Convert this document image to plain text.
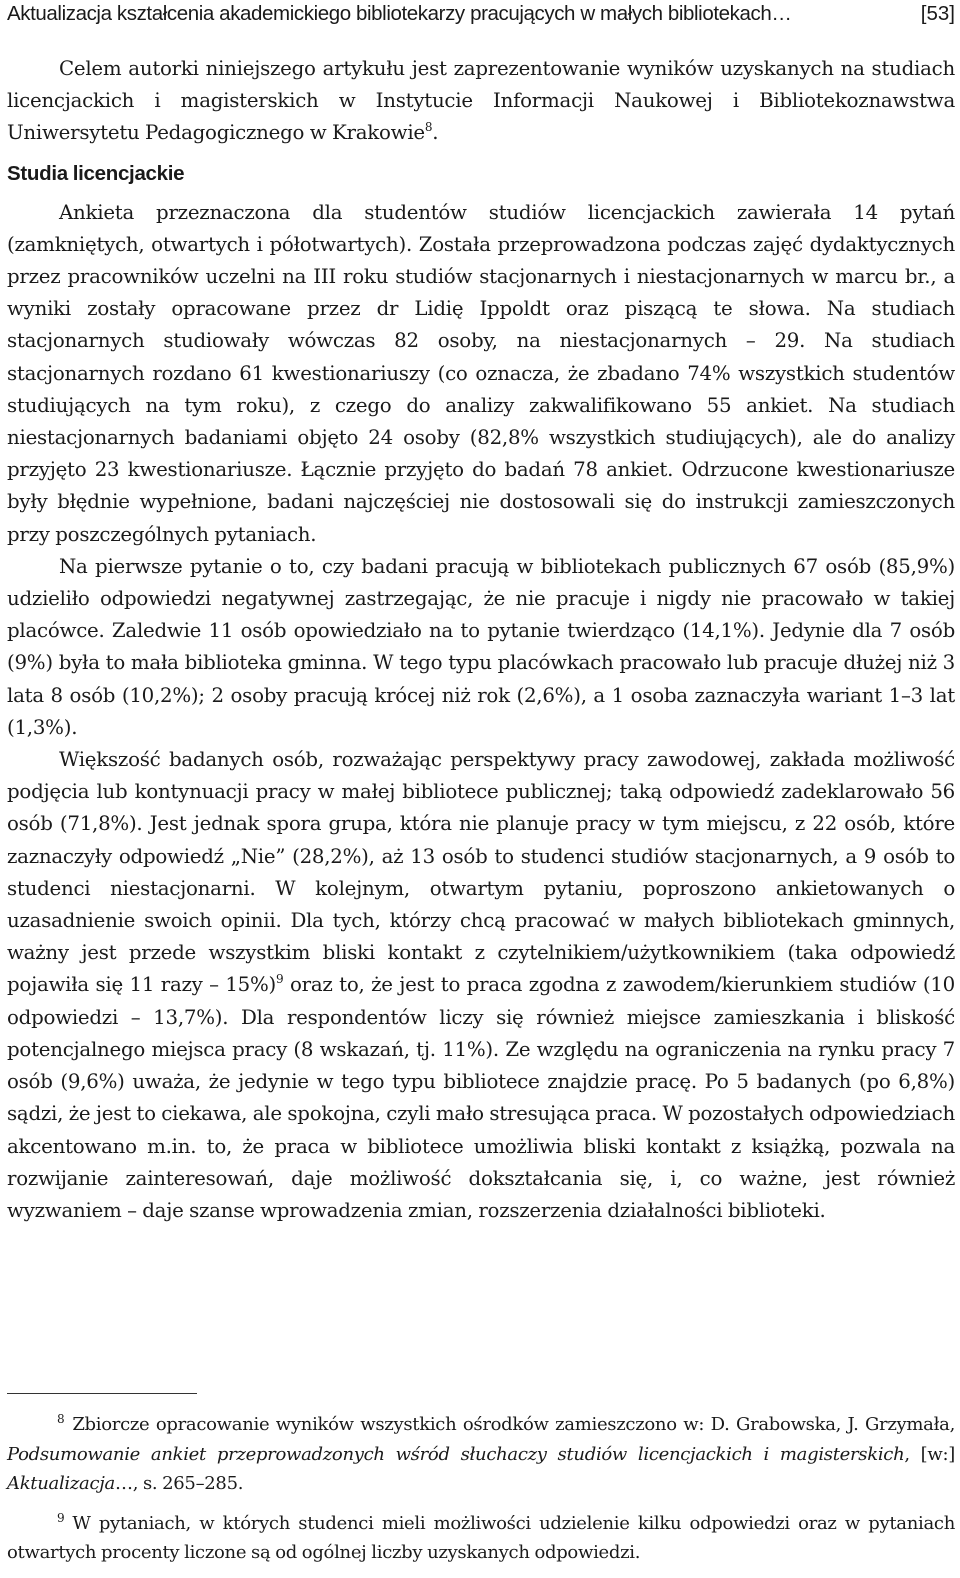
Aktualizacja kształcenia akademickiego bibliotekarzy pracujących w małych bibliotekach…	[53]

Celem autorki niniejszego artykułu jest zaprezentowanie wyników uzyskanych na studiach licencjackich i magisterskich w Instytucie Informacji Naukowej i Bibliotekoznawstwa Uniwersytetu Pedagogicznego w Krakowie$^8$.

Studia licencjackie

Ankieta przeznaczona dla studentów studiów licencjackich zawierała 14 pytań (zamkniętych, otwartych i półotwartych). Została przeprowadzona podczas zajęć dydaktycznych przez pracowników uczelni na III roku studiów stacjonarnych i niestacjonarnych w marcu br., a wyniki zostały opracowane przez dr Lidię Ippoldt oraz piszącą te słowa. Na studiach stacjonarnych studiowały wówczas 82 osoby, na niestacjonarnych – 29. Na studiach stacjonarnych rozdano 61 kwestionariuszy (co oznacza, że zbadano 74% wszystkich studentów studiujących na tym roku), z czego do analizy zakwalifikowano 55 ankiet. Na studiach niestacjonarnych badaniami objęto 24 osoby (82,8% wszystkich studiujących), ale do analizy przyjęto 23 kwestionariusze. Łącznie przyjęto do badań 78 ankiet. Odrzucone kwestionariusze były błędnie wypełnione, badani najczęściej nie dostosowali się do instrukcji zamieszczonych przy poszczególnych pytaniach.

Na pierwsze pytanie o to, czy badani pracują w bibliotekach publicznych 67 osób (85,9%) udzieliło odpowiedzi negatywnej zastrzegając, że nie pracuje i nigdy nie pracowało w takiej placówce. Zaledwie 11 osób opowiedziało na to pytanie twierdząco (14,1%). Jedynie dla 7 osób (9%) była to mała biblioteka gminna. W tego typu placówkach pracowało lub pracuje dłużej niż 3 lata 8 osób (10,2%); 2 osoby pracują krócej niż rok (2,6%), a 1 osoba zaznaczyła wariant 1–3 lat (1,3%).

Większość badanych osób, rozważając perspektywy pracy zawodowej, zakłada możliwość podjęcia lub kontynuacji pracy w małej bibliotece publicznej; taką odpowiedź zadeklarowało 56 osób (71,8%). Jest jednak spora grupa, która nie planuje pracy w tym miejscu, z 22 osób, które zaznaczyły odpowiedź „Nie” (28,2%), aż 13 osób to studenci studiów stacjonarnych, a 9 osób to studenci niestacjonarni. W kolejnym, otwartym pytaniu, poproszono ankietowanych o uzasadnienie swoich opinii. Dla tych, którzy chcą pracować w małych bibliotekach gminnych, ważny jest przede wszystkim bliski kontakt z czytelnikiem/użytkownikiem (taka odpowiedź pojawiła się 11 razy – 15%)$^9$ oraz to, że jest to praca zgodna z zawodem/kierunkiem studiów (10 odpowiedzi – 13,7%). Dla respondentów liczy się również miejsce zamieszkania i bliskość potencjalnego miejsca pracy (8 wskazań, tj. 11%). Ze względu na ograniczenia na rynku pracy 7 osób (9,6%) uważa, że jedynie w tego typu bibliotece znajdzie pracę. Po 5 badanych (po 6,8%) sądzi, że jest to ciekawa, ale spokojna, czyli mało stresująca praca. W pozostałych odpowiedziach akcentowano m.in. to, że praca w bibliotece umożliwia bliski kontakt z książką, pozwala na rozwijanie zainteresowań, daje możliwość dokształcania się, i, co ważne, jest również wyzwaniem – daje szanse wprowadzenia zmian, rozszerzenia działalności biblioteki.

$^8$ Zbiorcze opracowanie wyników wszystkich ośrodków zamieszczono w: D. Grabowska, J. Grzymała, Podsumowanie ankiet przeprowadzonych wśród słuchaczy studiów licencjackich i magisterskich, [w:] Aktualizacja…, s. 265–285.

$^9$ W pytaniach, w których studenci mieli możliwości udzielenie kilku odpowiedzi oraz w pytaniach otwartych procenty liczone są od ogólnej liczby uzyskanych odpowiedzi.
